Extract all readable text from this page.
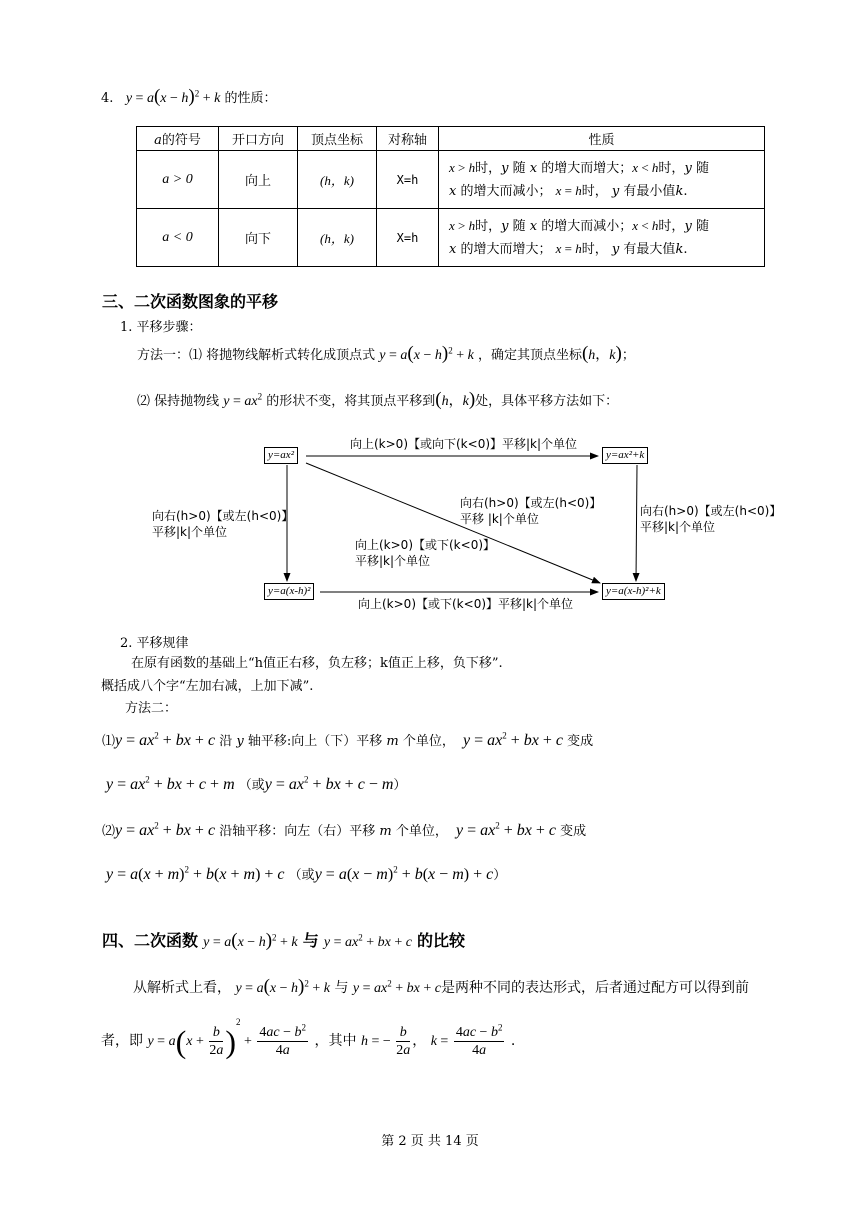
4. $y = a(x - h)^2 + k$ 的性质：
a的符号	开口方向	顶点坐标	对称轴	性质
a > 0	向上	(h，k)	X=h	x > h时，y 随 x 的增大而增大；x < h时，y 随
x 的增大而减小； x = h时， y 有最小值k.
a < 0	向下	(h，k)	X=h	x > h时，y 随 x 的增大而减小；x < h时，y 随
x 的增大而增大； x = h时， y 有最大值k.
三、二次函数图象的平移
1. 平移步骤：
方法一：⑴ 将抛物线解析式转化成顶点式 $y = a(x - h)^2 + k$ ，确定其顶点坐标(h，k)；
⑵ 保持抛物线 $y = ax^2$ 的形状不变，将其顶点平移到(h，k)处，具体平移方法如下：
y=ax²	y=ax²+k
y=a(x-h)²	y=a(x-h)²+k
向上(k>0)【或向下(k<0)】平移|k|个单位
向右(h>0)【或左(h<0)】
平移|k|个单位
向右(h>0)【或左(h<0)】
平移|k|个单位
向右(h>0)【或左(h<0)】
平移 |k|个单位
向上(k>0)【或下(k<0)】
平移|k|个单位
向上(k>0)【或下(k<0)】平移|k|个单位
2. 平移规律
在原有函数的基础上“h值正右移，负左移；k值正上移，负下移”.
概括成八个字“左加右减，上加下减”.
方法二：
⑴y = $ax^2$ + bx + c 沿 y 轴平移:向上（下）平移 m 个单位， $y = ax^2$ + bx + c 变成
$y = ax^2$ + bx + c + m （或$y = ax^2$ + bx + c − m）
⑵y = $ax^2$ + bx + c 沿轴平移：向左（右）平移 m 个单位， $y = ax^2$ + bx + c 变成
$y = a(x + m)^2 + b(x + m) + c$ （或$y = a(x - m)^2 + b(x - m) + c$）
四、二次函数 $y = a(x - h)^2 + k$ 与 $y = ax^2$ + bx + c 的比较
从解析式上看， $y = a(x - h)^2 + k$ 与 $y = ax^2$ + bx + c是两种不同的表达形式，后者通过配方可以得到前
者，即 $y = a(x + \frac{b}{2a} )^2 + \frac{4ac - b^2}{4a}$ ，其中 h = − $\frac{b}{2a}$ ， $k = \frac{4ac - b^2}{4a}$ .
第 2 页 共 14 页
